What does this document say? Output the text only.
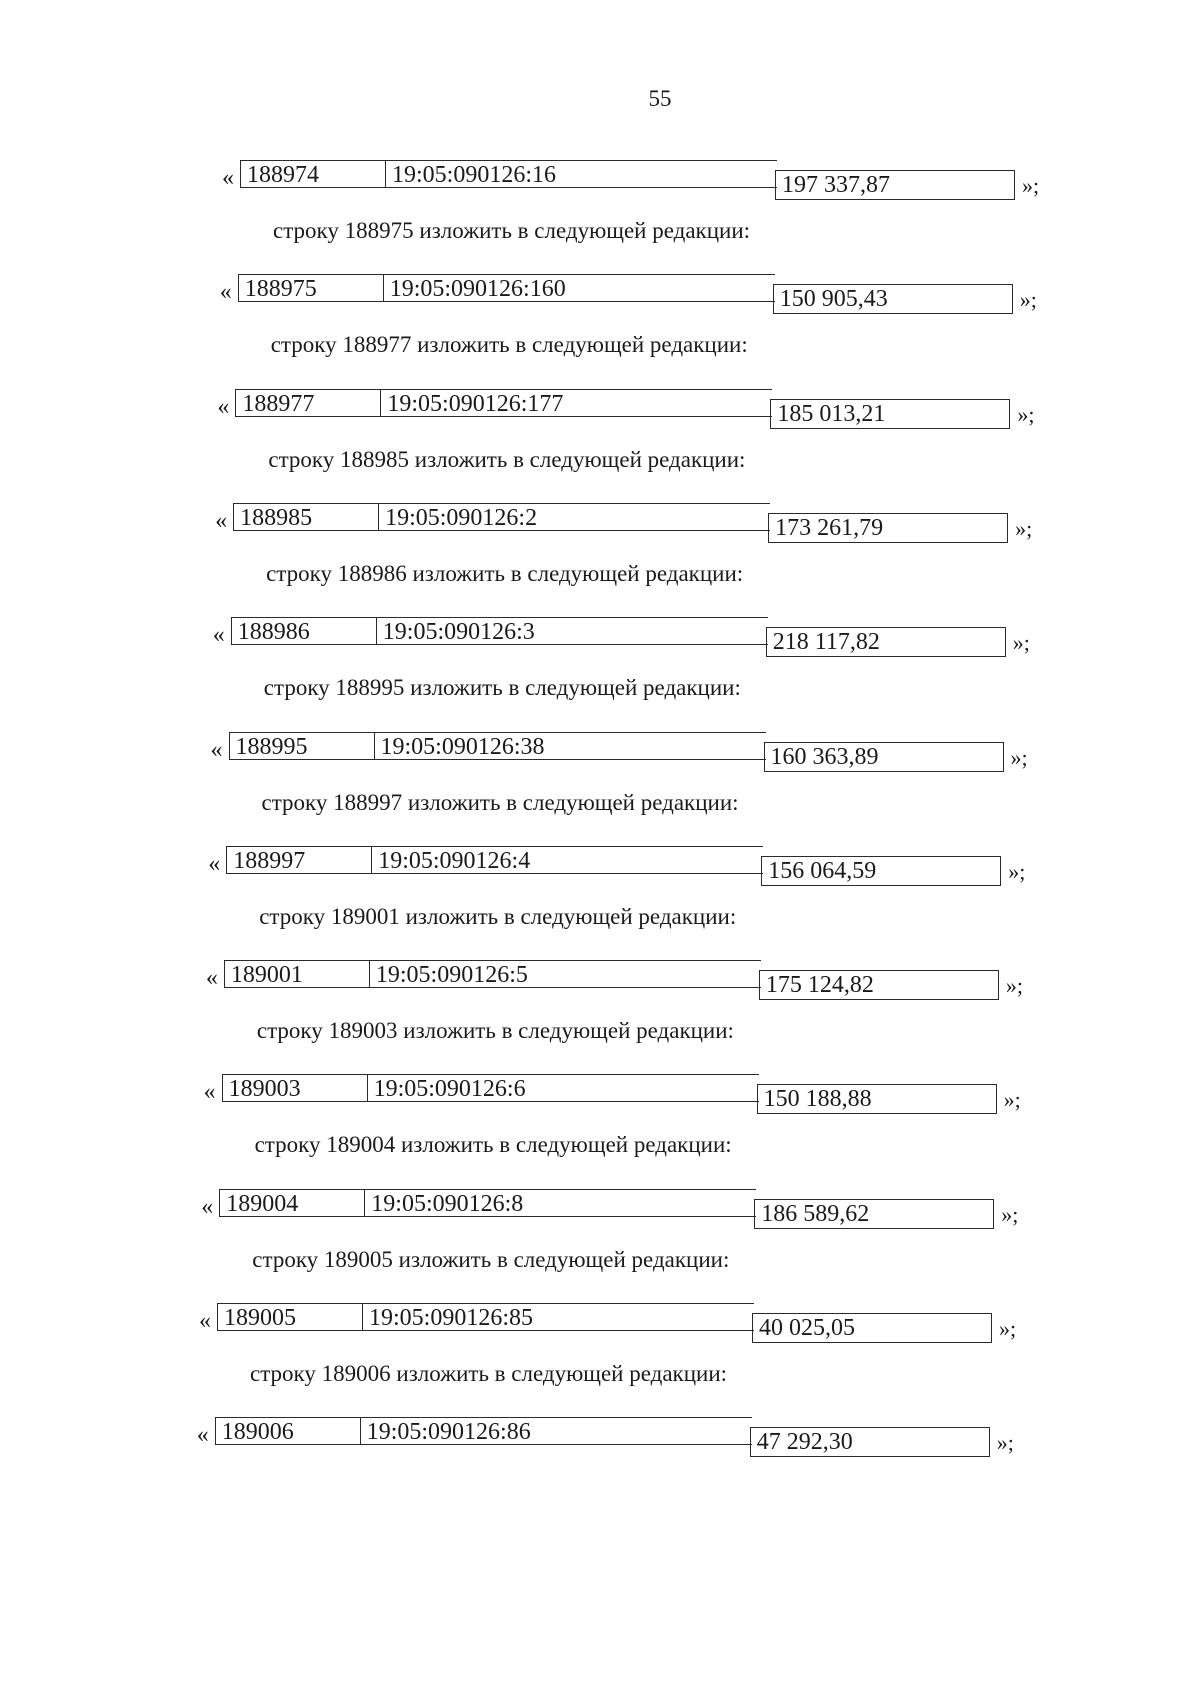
55
« 188974	19:05:090126:16	197 337,87	»;
строку 188975 изложить в следующей редакции:
« 188975	19:05:090126:160	150 905,43	»;
строку 188977 изложить в следующей редакции:
« 188977	19:05:090126:177	185 013,21	»;
строку 188985 изложить в следующей редакции:
« 188985	19:05:090126:2	173 261,79	»;
строку 188986 изложить в следующей редакции:
« 188986	19:05:090126:3	218 117,82	»;
строку 188995 изложить в следующей редакции:
« 188995	19:05:090126:38	160 363,89	»;
строку 188997 изложить в следующей редакции:
« 188997	19:05:090126:4	156 064,59	»;
строку 189001 изложить в следующей редакции:
« 189001	19:05:090126:5	175 124,82	»;
строку 189003 изложить в следующей редакции:
« 189003	19:05:090126:6	150 188,88	»;
строку 189004 изложить в следующей редакции:
« 189004	19:05:090126:8	186 589,62	»;
строку 189005 изложить в следующей редакции:
« 189005	19:05:090126:85	40 025,05	»;
строку 189006 изложить в следующей редакции:
« 189006	19:05:090126:86	47 292,30	»;
